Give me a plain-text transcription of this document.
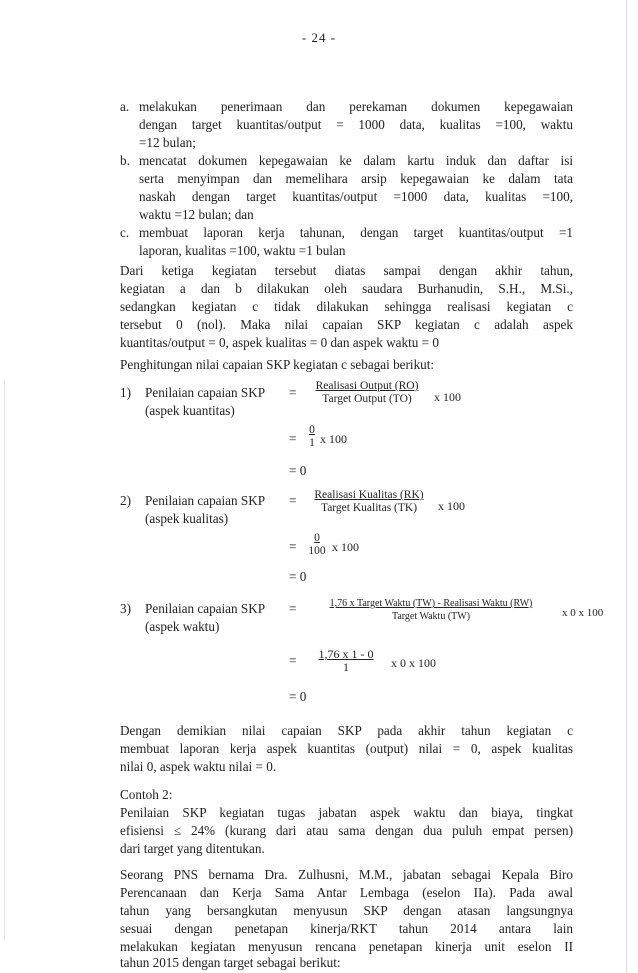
- 24 -
a. melakukan penerimaan dan perekaman dokumen kepegawaian
dengan target kuantitas/output = 1000 data, kualitas =100, waktu
=12 bulan;
b. mencatat dokumen kepegawaian ke dalam kartu induk dan daftar isi
serta menyimpan dan memelihara arsip kepegawaian ke dalam tata
naskah dengan target kuantitas/output =1000 data, kualitas =100,
waktu =12 bulan; dan
c. membuat laporan kerja tahunan, dengan target kuantitas/output =1
laporan, kualitas =100, waktu =1 bulan
Dari ketiga kegiatan tersebut diatas sampai dengan akhir tahun,
kegiatan a dan b dilakukan oleh saudara Burhanudin, S.H., M.Si.,
sedangkan kegiatan c tidak dilakukan sehingga realisasi kegiatan c
tersebut 0 (nol). Maka nilai capaian SKP kegiatan c adalah aspek
kuantitas/output = 0, aspek kualitas = 0 dan aspek waktu = 0
Penghitungan nilai capaian SKP kegiatan c sebagai berikut:
1) Penilaian capaian SKP
(aspek kuantitas)
=	Realisasi Output (RO)
Target Output (TO)	x 100
= $\frac{0}{1}$ x 100
= 0
2) Penilaian capaian SKP
(aspek kualitas)
=	Realisasi Kualitas (RK)
Target Kualitas (TK)	x 100
= $\frac{0}{100}$ x 100
= 0
3) Penilaian capaian SKP
(aspek waktu)
=	1,76 x Target Waktu (TW) - Realisasi Waktu (RW)
Target Waktu (TW)	x 0 x 100
= $\frac{1,76 x 1 - 0}{1}$ x 0 x 100
= 0
Dengan demikian nilai capaian SKP pada akhir tahun kegiatan c
membuat laporan kerja aspek kuantitas (output) nilai = 0, aspek kualitas
nilai 0, aspek waktu nilai = 0.
Contoh 2:
Penilaian SKP kegiatan tugas jabatan aspek waktu dan biaya, tingkat
efisiensi ≤ 24% (kurang dari atau sama dengan dua puluh empat persen)
dari target yang ditentukan.
Seorang PNS bernama Dra. Zulhusni, M.M., jabatan sebagai Kepala Biro
Perencanaan dan Kerja Sama Antar Lembaga (eselon IIa). Pada awal
tahun yang bersangkutan menyusun SKP dengan atasan langsungnya
sesuai dengan penetapan kinerja/RKT tahun 2014 antara lain
melakukan kegiatan menyusun rencana penetapan kinerja unit eselon II
tahun 2015 dengan target sebagai berikut:
